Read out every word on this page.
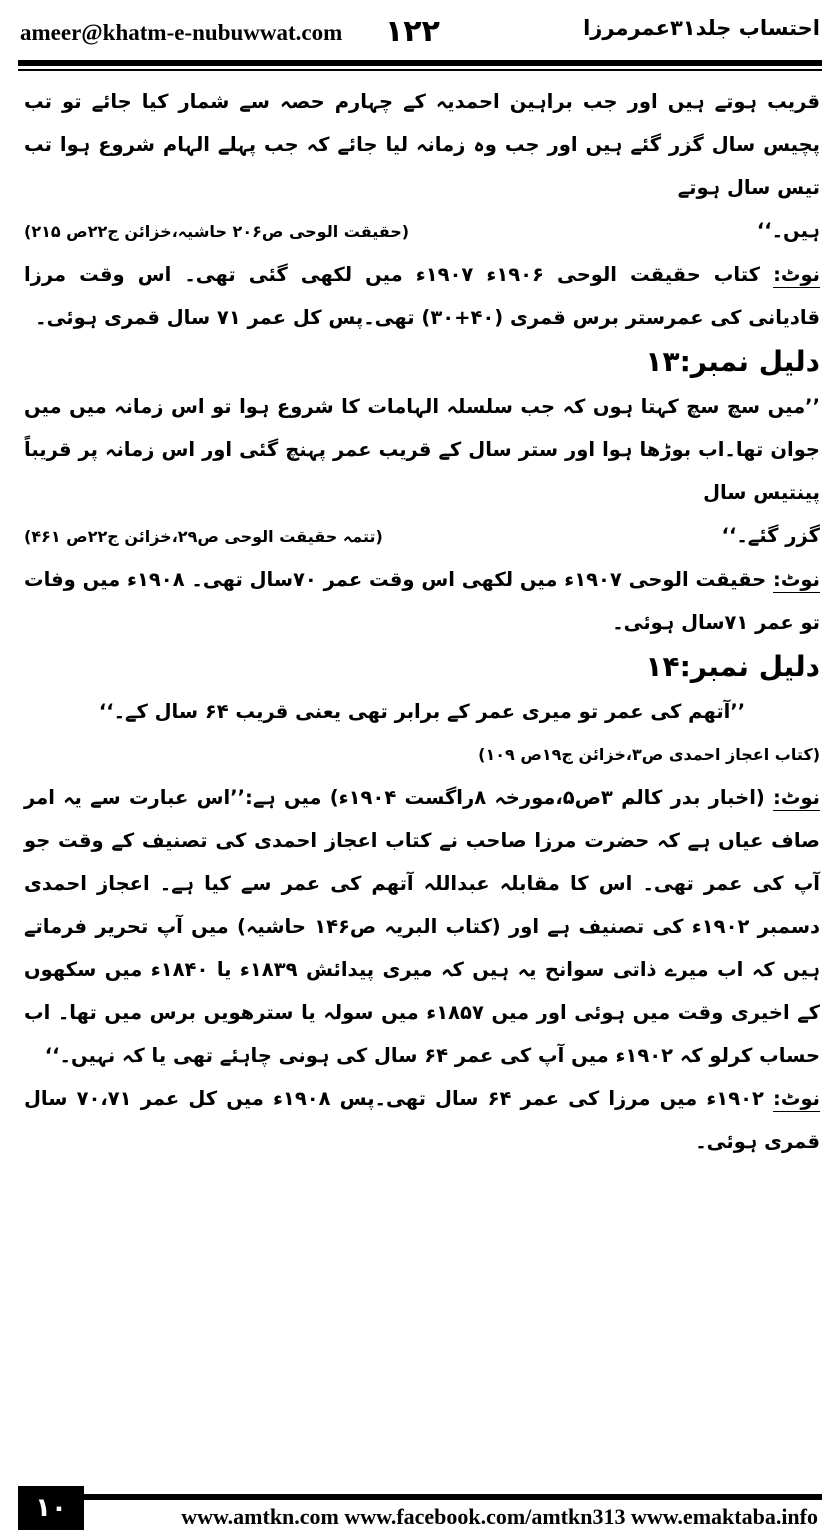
ameer@khatm-e-nubuwwat.com ۱۲۲	احتساب جلد۳۱عمرمرزا

قریب ہوتے ہیں اور جب براہین احمدیہ کے چہارم حصہ سے شمار کیا جائے تو تب پچیس سال گزر گئے ہیں اور جب وہ زمانہ لیا جائے کہ جب پہلے الہام شروع ہوا تب تیس سال ہوتے

ہیں۔‘‘
(حقیقت الوحی ص۲۰۶ حاشیہ،خزائن ج۲۲ص ۲۱۵)

نوٹ: کتاب حقیقت الوحی ۱۹۰۶ء ۱۹۰۷ء میں لکھی گئی تھی۔ اس وقت مرزا قادیانی کی عمرستر برس قمری (۴۰+۳۰) تھی۔پس کل عمر ۷۱ سال قمری ہوئی۔

دلیل نمبر:۱۳

’’میں سچ سچ کہتا ہوں کہ جب سلسلہ الہامات کا شروع ہوا تو اس زمانہ میں میں جوان تھا۔اب بوڑھا ہوا اور ستر سال کے قریب عمر پہنچ گئی اور اس زمانہ پر قریباً پینتیس سال

گزر گئے۔‘‘
(تتمہ حقیقت الوحی ص۲۹،خزائن ج۲۲ص ۴۶۱)

نوٹ: حقیقت الوحی ۱۹۰۷ء میں لکھی اس وقت عمر ۷۰سال تھی۔ ۱۹۰۸ء میں وفات تو عمر ۷۱سال ہوئی۔

دلیل نمبر:۱۴

’’آتھم کی عمر تو میری عمر کے برابر تھی یعنی قریب ۶۴ سال کے۔‘‘

(کتاب اعجاز احمدی ص۳،خزائن ج۱۹ص ۱۰۹)

نوٹ: (اخبار بدر کالم ۳ص۵،مورخہ ۸راگست ۱۹۰۴ء) میں ہے:’’اس عبارت سے یہ امر صاف عیاں ہے کہ حضرت مرزا صاحب نے کتاب اعجاز احمدی کی تصنیف کے وقت جو آپ کی عمر تھی۔ اس کا مقابلہ عبداللہ آتھم کی عمر سے کیا ہے۔ اعجاز احمدی دسمبر ۱۹۰۲ء کی تصنیف ہے اور (کتاب البریہ ص۱۴۶ حاشیہ) میں آپ تحریر فرماتے ہیں کہ اب میرے ذاتی سوانح یہ ہیں کہ میری پیدائش ۱۸۳۹ء یا ۱۸۴۰ء میں سکھوں کے اخیری وقت میں ہوئی اور میں ۱۸۵۷ء میں سولہ یا سترھویں برس میں تھا۔ اب حساب کرلو کہ ۱۹۰۲ء میں آپ کی عمر ۶۴ سال کی ہونی چاہئے تھی یا کہ نہیں۔‘‘

نوٹ: ۱۹۰۲ء میں مرزا کی عمر ۶۴ سال تھی۔پس ۱۹۰۸ء میں کل عمر ۷۰،۷۱ سال قمری ہوئی۔

۱۰	www.amtkn.com www.facebook.com/amtkn313 www.emaktaba.info
